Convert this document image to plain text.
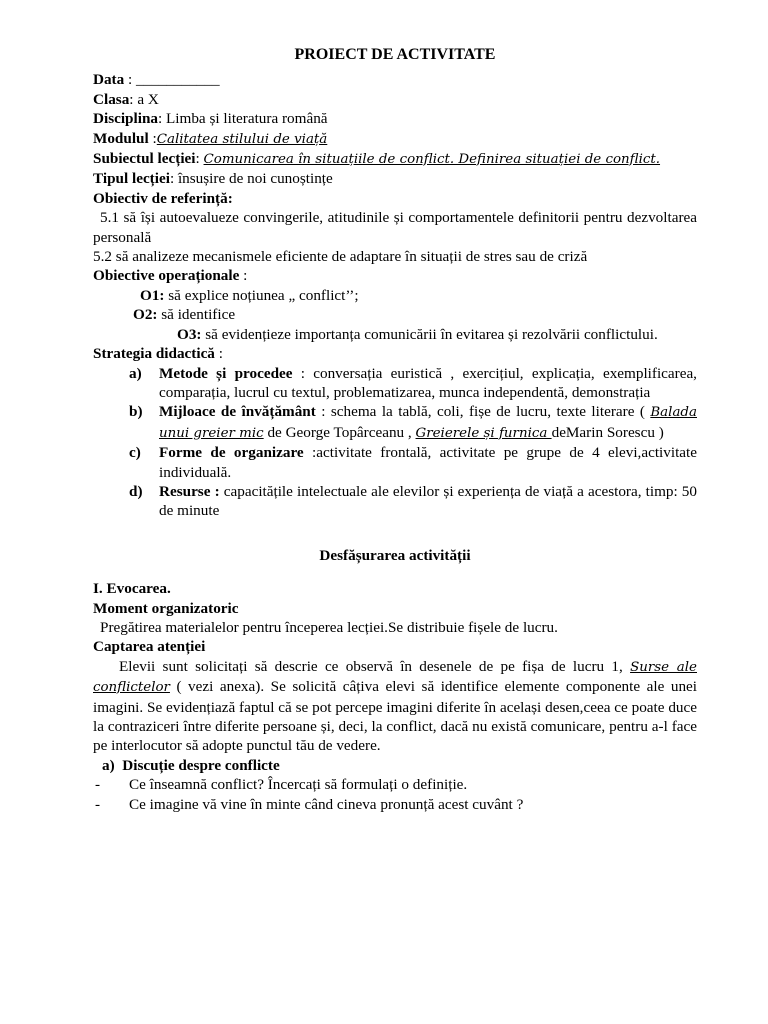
PROIECT DE ACTIVITATE

Data : ___________

Clasa: a X

Disciplina: Limba și literatura română

Modulul :Calitatea stilului de viață

Subiectul lecției: Comunicarea în situațiile de conflict. Definirea situației de conflict.

Tipul lecției: însușire de noi cunoștințe

Obiectiv de referință:

5.1 să își autoevalueze convingerile, atitudinile și comportamentele definitorii pentru dezvoltarea personală

5.2 să analizeze mecanismele eficiente de adaptare în situații de stres sau de criză

Obiective operaționale :

O1: să explice noțiunea „ conflict’’;

O2: să identifice

O3: să evidențieze importanța comunicării în evitarea și rezolvării conflictului.

Strategia didactică :

a)	Metode și procedee : conversația euristică , exercițiul, explicația, exemplificarea, comparația, lucrul cu textul, problematizarea, munca independentă, demonstrația
b)	Mijloace de învățământ : schema la tablă, coli, fișe de lucru, texte literare ( Balada unui greier mic de George Topârceanu , Greierele și furnica deMarin Sorescu )
c)	Forme de organizare :activitate frontală, activitate pe grupe de 4 elevi,activitate individuală.
d)	Resurse : capacitățile intelectuale ale elevilor și experiența de viață a acestora, timp: 50 de minute

Desfășurarea activității

I. Evocarea.

Moment organizatoric

Pregătirea materialelor pentru începerea lecției.Se distribuie fișele de lucru.

Captarea atenției

Elevii sunt solicitați să descrie ce observă în desenele de pe fișa de lucru 1, Surse ale conflictelor ( vezi anexa). Se solicită câțiva elevi să identifice elemente componente ale unei imagini. Se evidențiază faptul că se pot percepe imagini diferite în același desen,ceea ce poate duce la contraziceri între diferite persoane și, deci, la conflict, dacă nu există comunicare, pentru a-l face pe interlocutor să adopte punctul tău de vedere.

a) Discuție despre conflicte

-	Ce înseamnă conflict? Încercați să formulați o definiție.
-	Ce imagine vă vine în minte când cineva pronunță acest cuvânt ?
